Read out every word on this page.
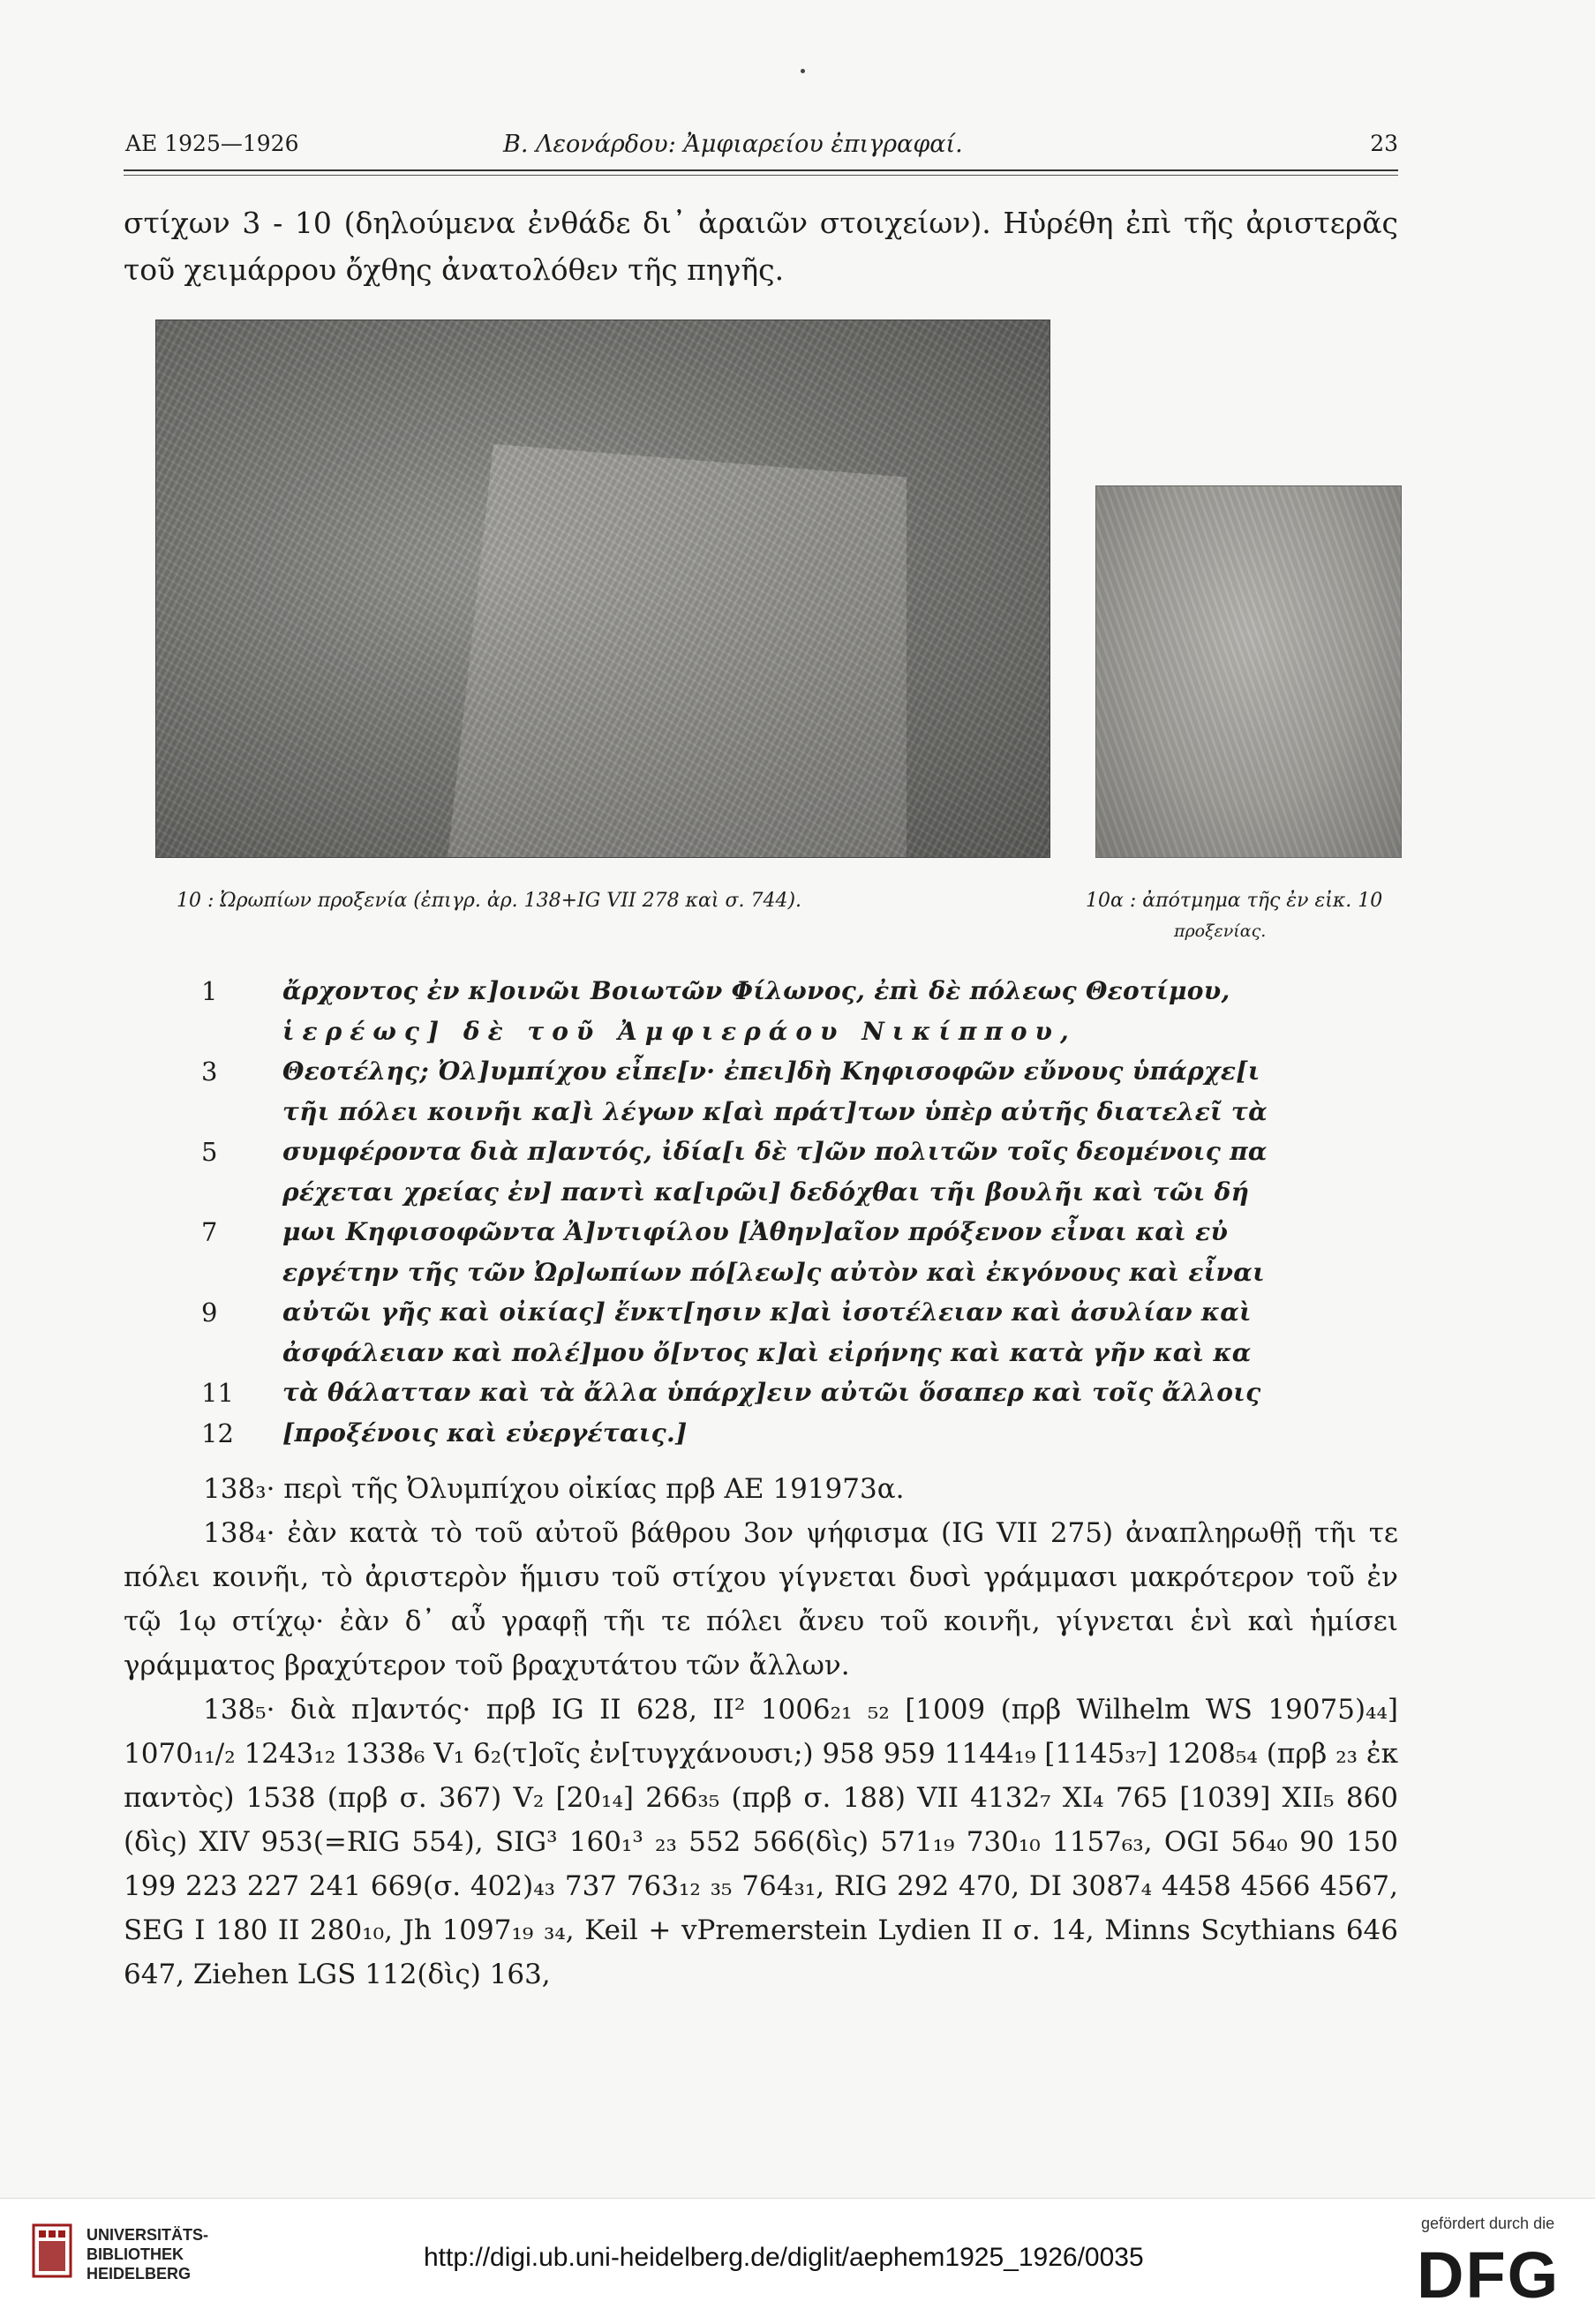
ΑΕ 1925—1926	Β. Λεονάρδου: Ἀμφιαρείου ἐπιγραφαί.	23
στίχων 3 - 10 (δηλούμενα ἐνθάδε δι᾽ ἀραιῶν στοιχείων). Ηὑρέθη ἐπὶ τῆς ἀριστερᾶς τοῦ χειμάρρου ὄχθης ἀνατολόθεν τῆς πηγῆς.
10 : Ὠρωπίων προξενία (ἐπιγρ. ἀρ. 138+IG VII 278 καὶ σ. 744).	10α : ἀπότμημα τῆς ἐν εἰκ. 10
προξενίας.
1	ἄρχοντος ἐν κ]οινῶι Βοιωτῶν Φίλωνος, ἐπὶ δὲ πόλεως Θεοτίμου,
ἱερέως] δὲ τοῦ Ἀμφιεράου Νικίππου,
3	Θεοτέλης; Ὀλ]υμπίχου εἶπε[ν· ἐπει]δὴ Κηφισοφῶν εὔνους ὑπάρχε[ι
τῆι πόλει κοινῆι κα]ὶ λέγων κ[αὶ πράτ]των ὑπὲρ αὐτῆς διατελεῖ τὰ
5	συμφέροντα διὰ π]αντός, ἰδία[ι δὲ τ]ῶν πολιτῶν τοῖς δεομένοις πα
ρέχεται χρείας ἐν] παντὶ κα[ιρῶι] δεδόχθαι τῆι βουλῆι καὶ τῶι δή
7	μωι Κηφισοφῶντα Ἀ]ντιφίλου [Ἀθην]αῖον πρόξενον εἶναι καὶ εὐ
εργέτην τῆς τῶν Ὠρ]ωπίων πό[λεω]ς αὐτὸν καὶ ἐκγόνους καὶ εἶναι
9	αὐτῶι γῆς καὶ οἰκίας] ἔνκτ[ησιν κ]αὶ ἰσοτέλειαν καὶ ἀσυλίαν καὶ
ἀσφάλειαν καὶ πολέ]μου ὄ[ντος κ]αὶ εἰρήνης καὶ κατὰ γῆν καὶ κα
11	τὰ θάλατταν καὶ τὰ ἄλλα ὑπάρχ]ειν αὐτῶι ὅσαπερ καὶ τοῖς ἄλλοις
12	[προξένοις καὶ εὐεργέταις.]

138₃· περὶ τῆς Ὀλυμπίχου οἰκίας πρβ ΑΕ 191973α.

138₄· ἐὰν κατὰ τὸ τοῦ αὐτοῦ βάθρου 3ον ψήφισμα (IG VII 275) ἀναπληρωθῇ τῆι τε πόλει κοινῆι, τὸ ἀριστερὸν ἥμισυ τοῦ στίχου γίγνεται δυσὶ γράμμασι μακρότερον τοῦ ἐν τῷ 1ῳ στίχῳ· ἐὰν δ᾽ αὖ γραφῇ τῆι τε πόλει ἄνευ τοῦ κοινῆι, γίγνεται ἑνὶ καὶ ἡμίσει γράμματος βραχύτερον τοῦ βραχυτάτου τῶν ἄλλων.

138₅· διὰ π]αντός· πρβ IG II 628, II² 1006₂₁ ₅₂ [1009 (πρβ Wilhelm WS 19075)₄₄] 1070₁₁/₂ 1243₁₂ 1338₆ V₁ 6₂(τ]οῖς ἐν[τυγχάνουσι;) 958 959 1144₁₉ [1145₃₇] 1208₅₄ (πρβ ₂₃ ἐκ παντὸς) 1538 (πρβ σ. 367) V₂ [20₁₄] 266₃₅ (πρβ σ. 188) VII 4132₇ XI₄ 765 [1039] XII₅ 860 (δὶς) XIV 953(=RIG 554), SIG³ 160₁³ ₂₃ 552 566(δὶς) 571₁₉ 730₁₀ 1157₆₃, OGI 56₄₀ 90 150 199 223 227 241 669(σ. 402)₄₃ 737 763₁₂ ₃₅ 764₃₁, RIG 292 470, DI 3087₄ 4458 4566 4567, SEG I 180 II 280₁₀, Jh 1097₁₉ ₃₄, Keil + vPremerstein Lydien II σ. 14, Minns Scythians 646 647, Ziehen LGS 112(δὶς) 163,

UNIVERSITÄTS-
BIBLIOTHEK
HEIDELBERG
http://digi.ub.uni-heidelberg.de/diglit/aephem1925_1926/0035
gefördert durch die
DFG
